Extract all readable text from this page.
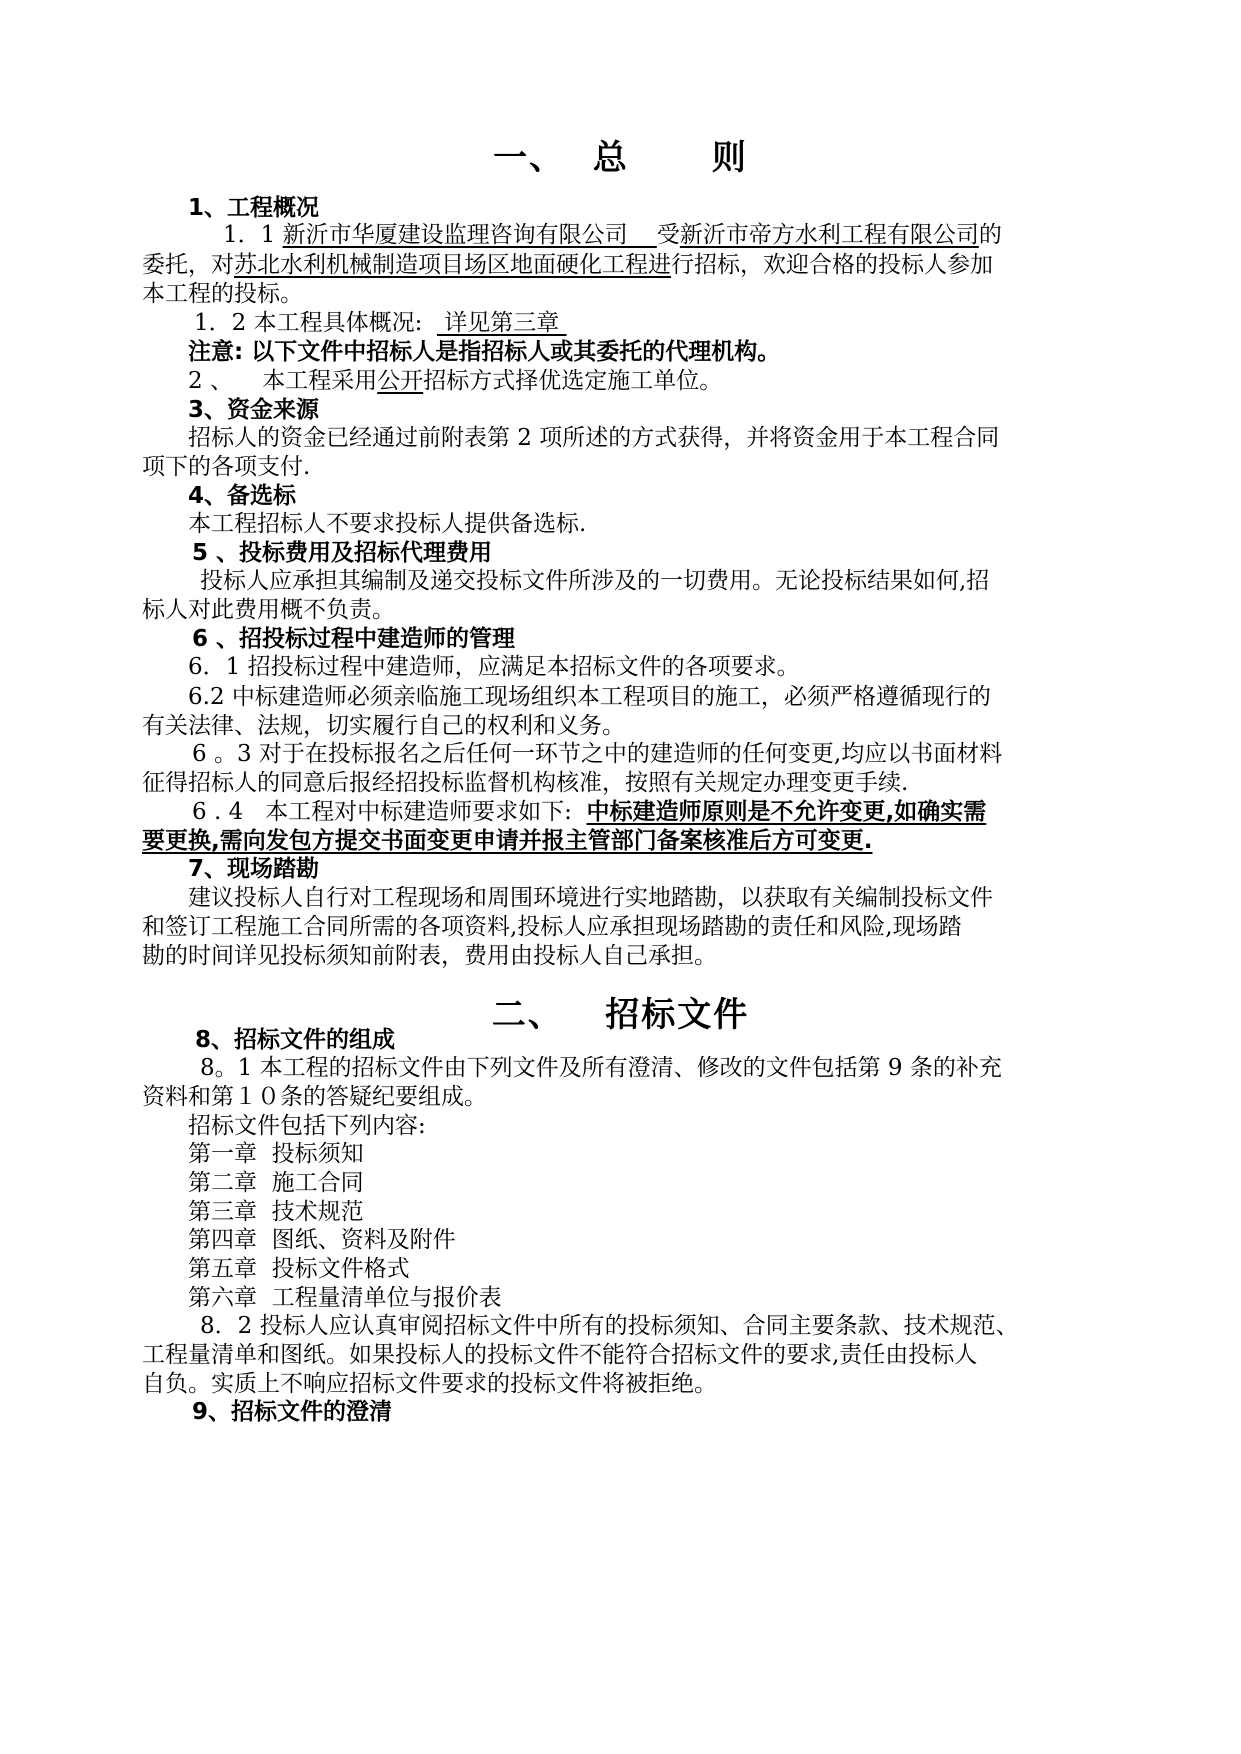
一、  总      则
1、工程概况
1．1 新沂市华厦建设监理咨询有限公司    受新沂市帝方水利工程有限公司的
委托，对苏北水利机械制造项目场区地面硬化工程进行招标，欢迎合格的投标人参加
本工程的投标。
1．2 本工程具体概况:   详见第三章
注意: 以下文件中招标人是指招标人或其委托的代理机构。
2 、    本工程采用公开招标方式择优选定施工单位。
3、资金来源
招标人的资金已经通过前附表第 2 项所述的方式获得，并将资金用于本工程合同
项下的各项支付.
4、备选标
本工程招标人不要求投标人提供备选标.
5 、投标费用及招标代理费用
投标人应承担其编制及递交投标文件所涉及的一切费用。无论投标结果如何,招
标人对此费用概不负责。
6 、招投标过程中建造师的管理
6．1 招投标过程中建造师，应满足本招标文件的各项要求。
6.2 中标建造师必须亲临施工现场组织本工程项目的施工，必须严格遵循现行的
有关法律、法规，切实履行自己的权利和义务。
6 。3 对于在投标报名之后任何一环节之中的建造师的任何变更,均应以书面材料
征得招标人的同意后报经招投标监督机构核准，按照有关规定办理变更手续.
6 . 4   本工程对中标建造师要求如下:  中标建造师原则是不允许变更,如确实需
要更换,需向发包方提交书面变更申请并报主管部门备案核准后方可变更.
7、现场踏勘
建议投标人自行对工程现场和周围环境进行实地踏勘，以获取有关编制投标文件
和签订工程施工合同所需的各项资料,投标人应承担现场踏勘的责任和风险,现场踏
勘的时间详见投标须知前附表，费用由投标人自己承担。
二、   招标文件
8、招标文件的组成
8。1 本工程的招标文件由下列文件及所有澄清、修改的文件包括第 9 条的补充
资料和第１０条的答疑纪要组成。
招标文件包括下列内容:
第一章  投标须知
第二章  施工合同
第三章  技术规范
第四章  图纸、资料及附件
第五章  投标文件格式
第六章  工程量清单位与报价表
8．2 投标人应认真审阅招标文件中所有的投标须知、合同主要条款、技术规范、
工程量清单和图纸。如果投标人的投标文件不能符合招标文件的要求,责任由投标人
自负。实质上不响应招标文件要求的投标文件将被拒绝。
9、招标文件的澄清
